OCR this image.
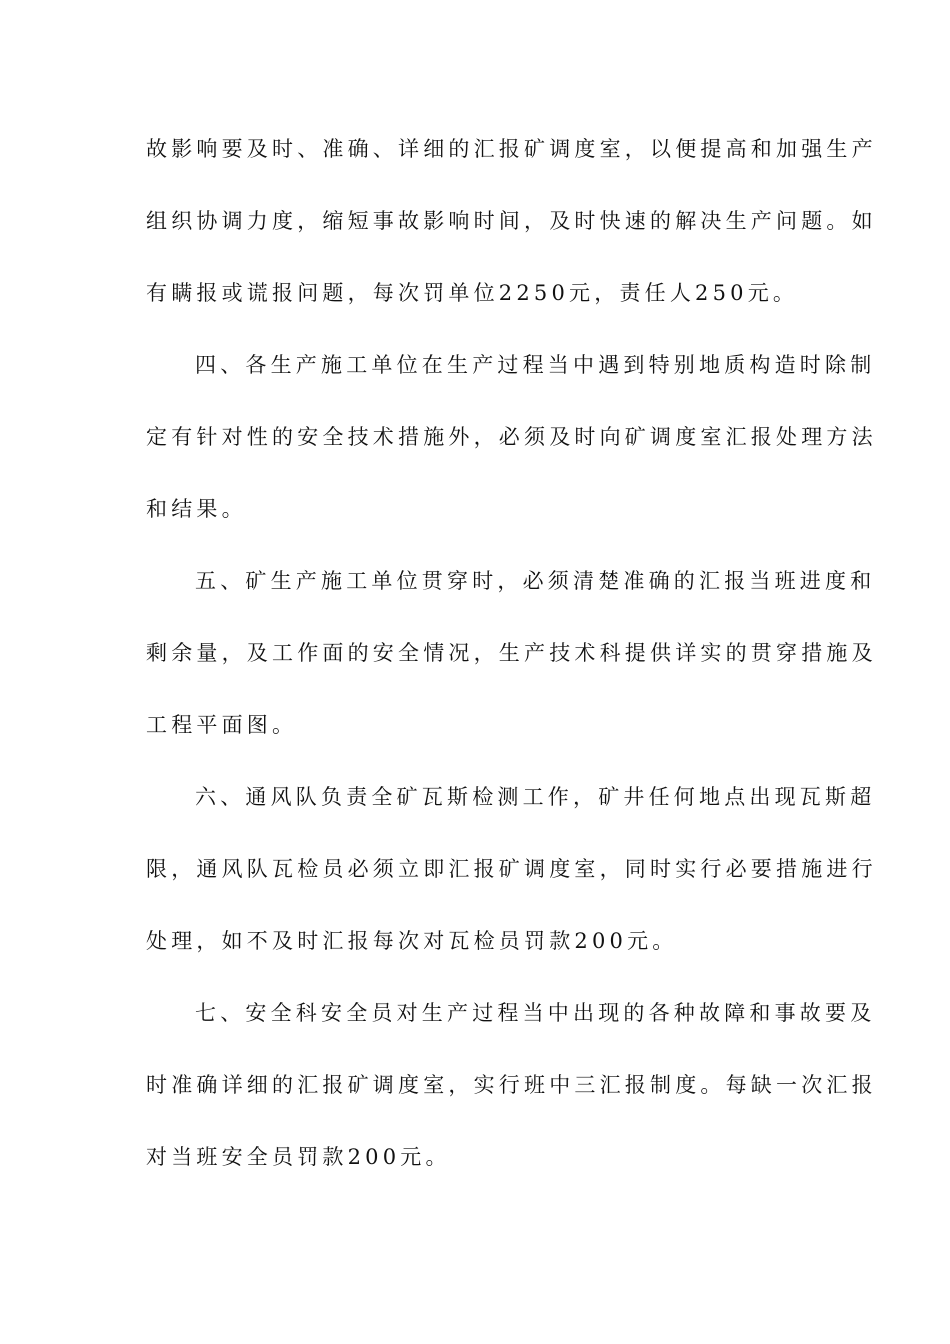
故影响要及时、准确、详细的汇报矿调度室，以便提高和加强生产
组织协调力度，缩短事故影响时间，及时快速的解决生产问题。如
有瞒报或谎报问题，每次罚单位2250元，责任人250元。
四、各生产施工单位在生产过程当中遇到特别地质构造时除制
定有针对性的安全技术措施外，必须及时向矿调度室汇报处理方法
和结果。
五、矿生产施工单位贯穿时，必须清楚准确的汇报当班进度和
剩余量，及工作面的安全情况，生产技术科提供详实的贯穿措施及
工程平面图。
六、通风队负责全矿瓦斯检测工作，矿井任何地点出现瓦斯超
限，通风队瓦检员必须立即汇报矿调度室，同时实行必要措施进行
处理，如不及时汇报每次对瓦检员罚款200元。
七、安全科安全员对生产过程当中出现的各种故障和事故要及
时准确详细的汇报矿调度室，实行班中三汇报制度。每缺一次汇报
对当班安全员罚款200元。
